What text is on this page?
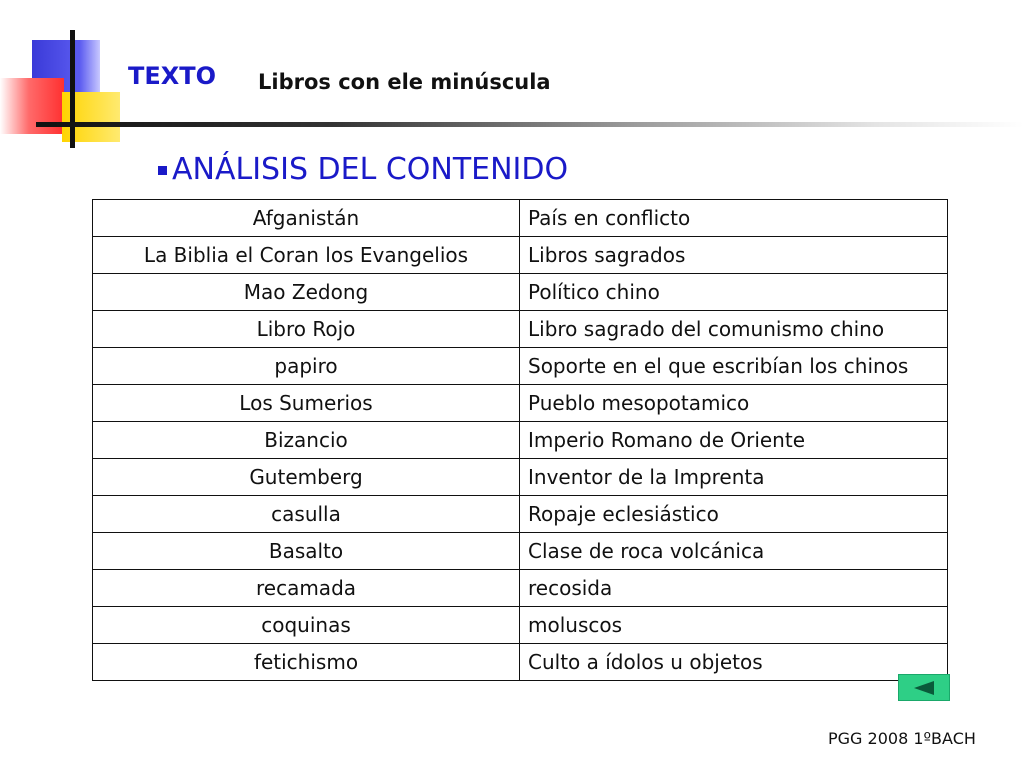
TEXTO Libros con ele minúscula
ANÁLISIS DEL CONTENIDO
Afganistán	País en conflicto
La Biblia el Coran los Evangelios	Libros sagrados
Mao Zedong	Político chino
Libro Rojo	Libro sagrado del comunismo chino
papiro	Soporte en el que escribían los chinos
Los Sumerios	Pueblo mesopotamico
Bizancio	Imperio Romano de Oriente
Gutemberg	Inventor de la Imprenta
casulla	Ropaje eclesiástico
Basalto	Clase de roca volcánica
recamada	recosida
coquinas	moluscos
fetichismo	Culto a ídolos u objetos
PGG 2008 1ºBACH
